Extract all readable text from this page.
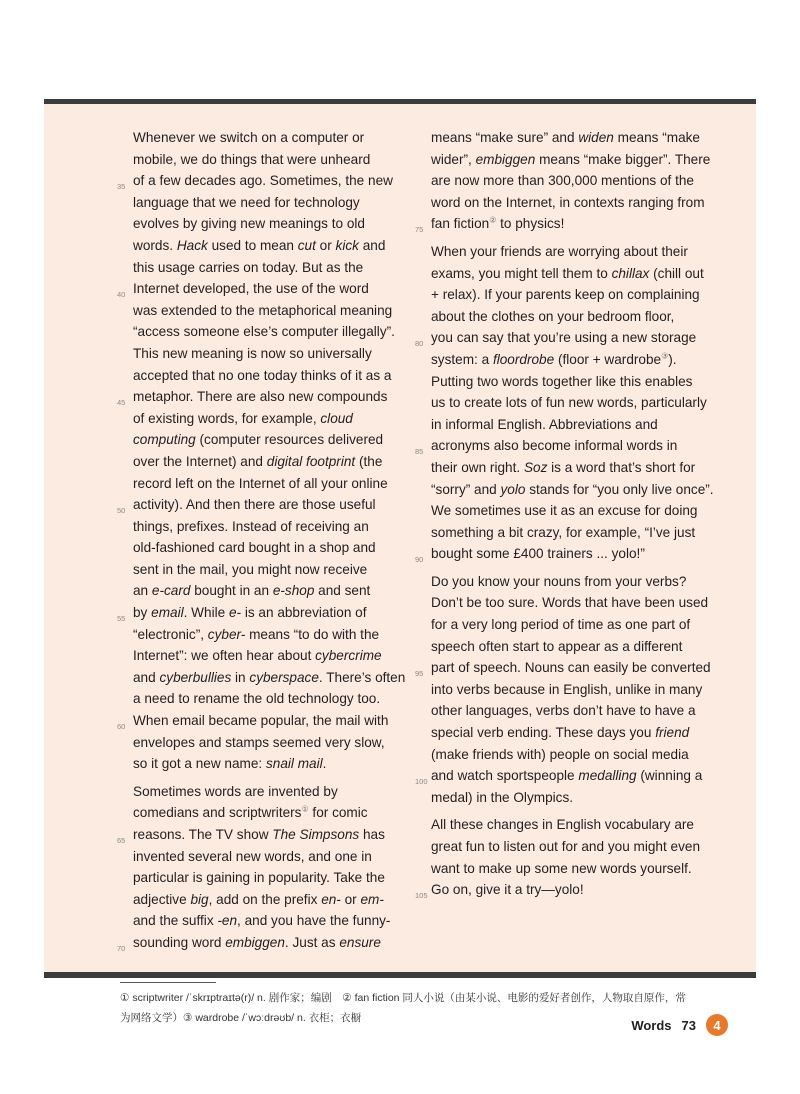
Whenever we switch on a computer or
mobile, we do things that were unheard
35 of a few decades ago. Sometimes, the new
language that we need for technology
evolves by giving new meanings to old
words. Hack used to mean cut or kick and
this usage carries on today. But as the
40 Internet developed, the use of the word
was extended to the metaphorical meaning
“access someone else’s computer illegally”.
This new meaning is now so universally
accepted that no one today thinks of it as a
45 metaphor. There are also new compounds
of existing words, for example, cloud
computing (computer resources delivered
over the Internet) and digital footprint (the
record left on the Internet of all your online
50 activity). And then there are those useful
things, prefixes. Instead of receiving an
old-fashioned card bought in a shop and
sent in the mail, you might now receive
an e-card bought in an e-shop and sent
55 by email. While e- is an abbreviation of
“electronic”, cyber- means “to do with the
Internet”: we often hear about cybercrime
and cyberbullies in cyberspace. There’s often
a need to rename the old technology too.
60 When email became popular, the mail with
envelopes and stamps seemed very slow,
so it got a new name: snail mail.
Sometimes words are invented by
comedians and scriptwriters① for comic
65 reasons. The TV show The Simpsons has
invented several new words, and one in
particular is gaining in popularity. Take the
adjective big, add on the prefix en- or em-
and the suffix -en, and you have the funny-
70 sounding word embiggen. Just as ensure
means “make sure” and widen means “make
wider”, embiggen means “make bigger”. There
are now more than 300,000 mentions of the
word on the Internet, in contexts ranging from
75 fan fiction② to physics!
When your friends are worrying about their
exams, you might tell them to chillax (chill out
+ relax). If your parents keep on complaining
about the clothes on your bedroom floor,
80 you can say that you’re using a new storage
system: a floordrobe (floor + wardrobe③).
Putting two words together like this enables
us to create lots of fun new words, particularly
in informal English. Abbreviations and
85 acronyms also become informal words in
their own right. Soz is a word that’s short for
“sorry” and yolo stands for “you only live once”.
We sometimes use it as an excuse for doing
something a bit crazy, for example, “I’ve just
90 bought some £400 trainers ... yolo!”
Do you know your nouns from your verbs?
Don’t be too sure. Words that have been used
for a very long period of time as one part of
speech often start to appear as a different
95 part of speech. Nouns can easily be converted
into verbs because in English, unlike in many
other languages, verbs don’t have to have a
special verb ending. These days you friend
(make friends with) people on social media
100 and watch sportspeople medalling (winning a
medal) in the Olympics.
All these changes in English vocabulary are
great fun to listen out for and you might even
want to make up some new words yourself.
105 Go on, give it a try—yolo!
① scriptwriter /ˈskrɪptraɪtə(r)/ n. 剧作家；编剧　② fan fiction 同人小说（由某小说、电影的爱好者创作，人物取自原作，常
为网络文学）③ wardrobe /ˈwɔːdrəʊb/ n. 衣柜；衣橱	Words 73	4
